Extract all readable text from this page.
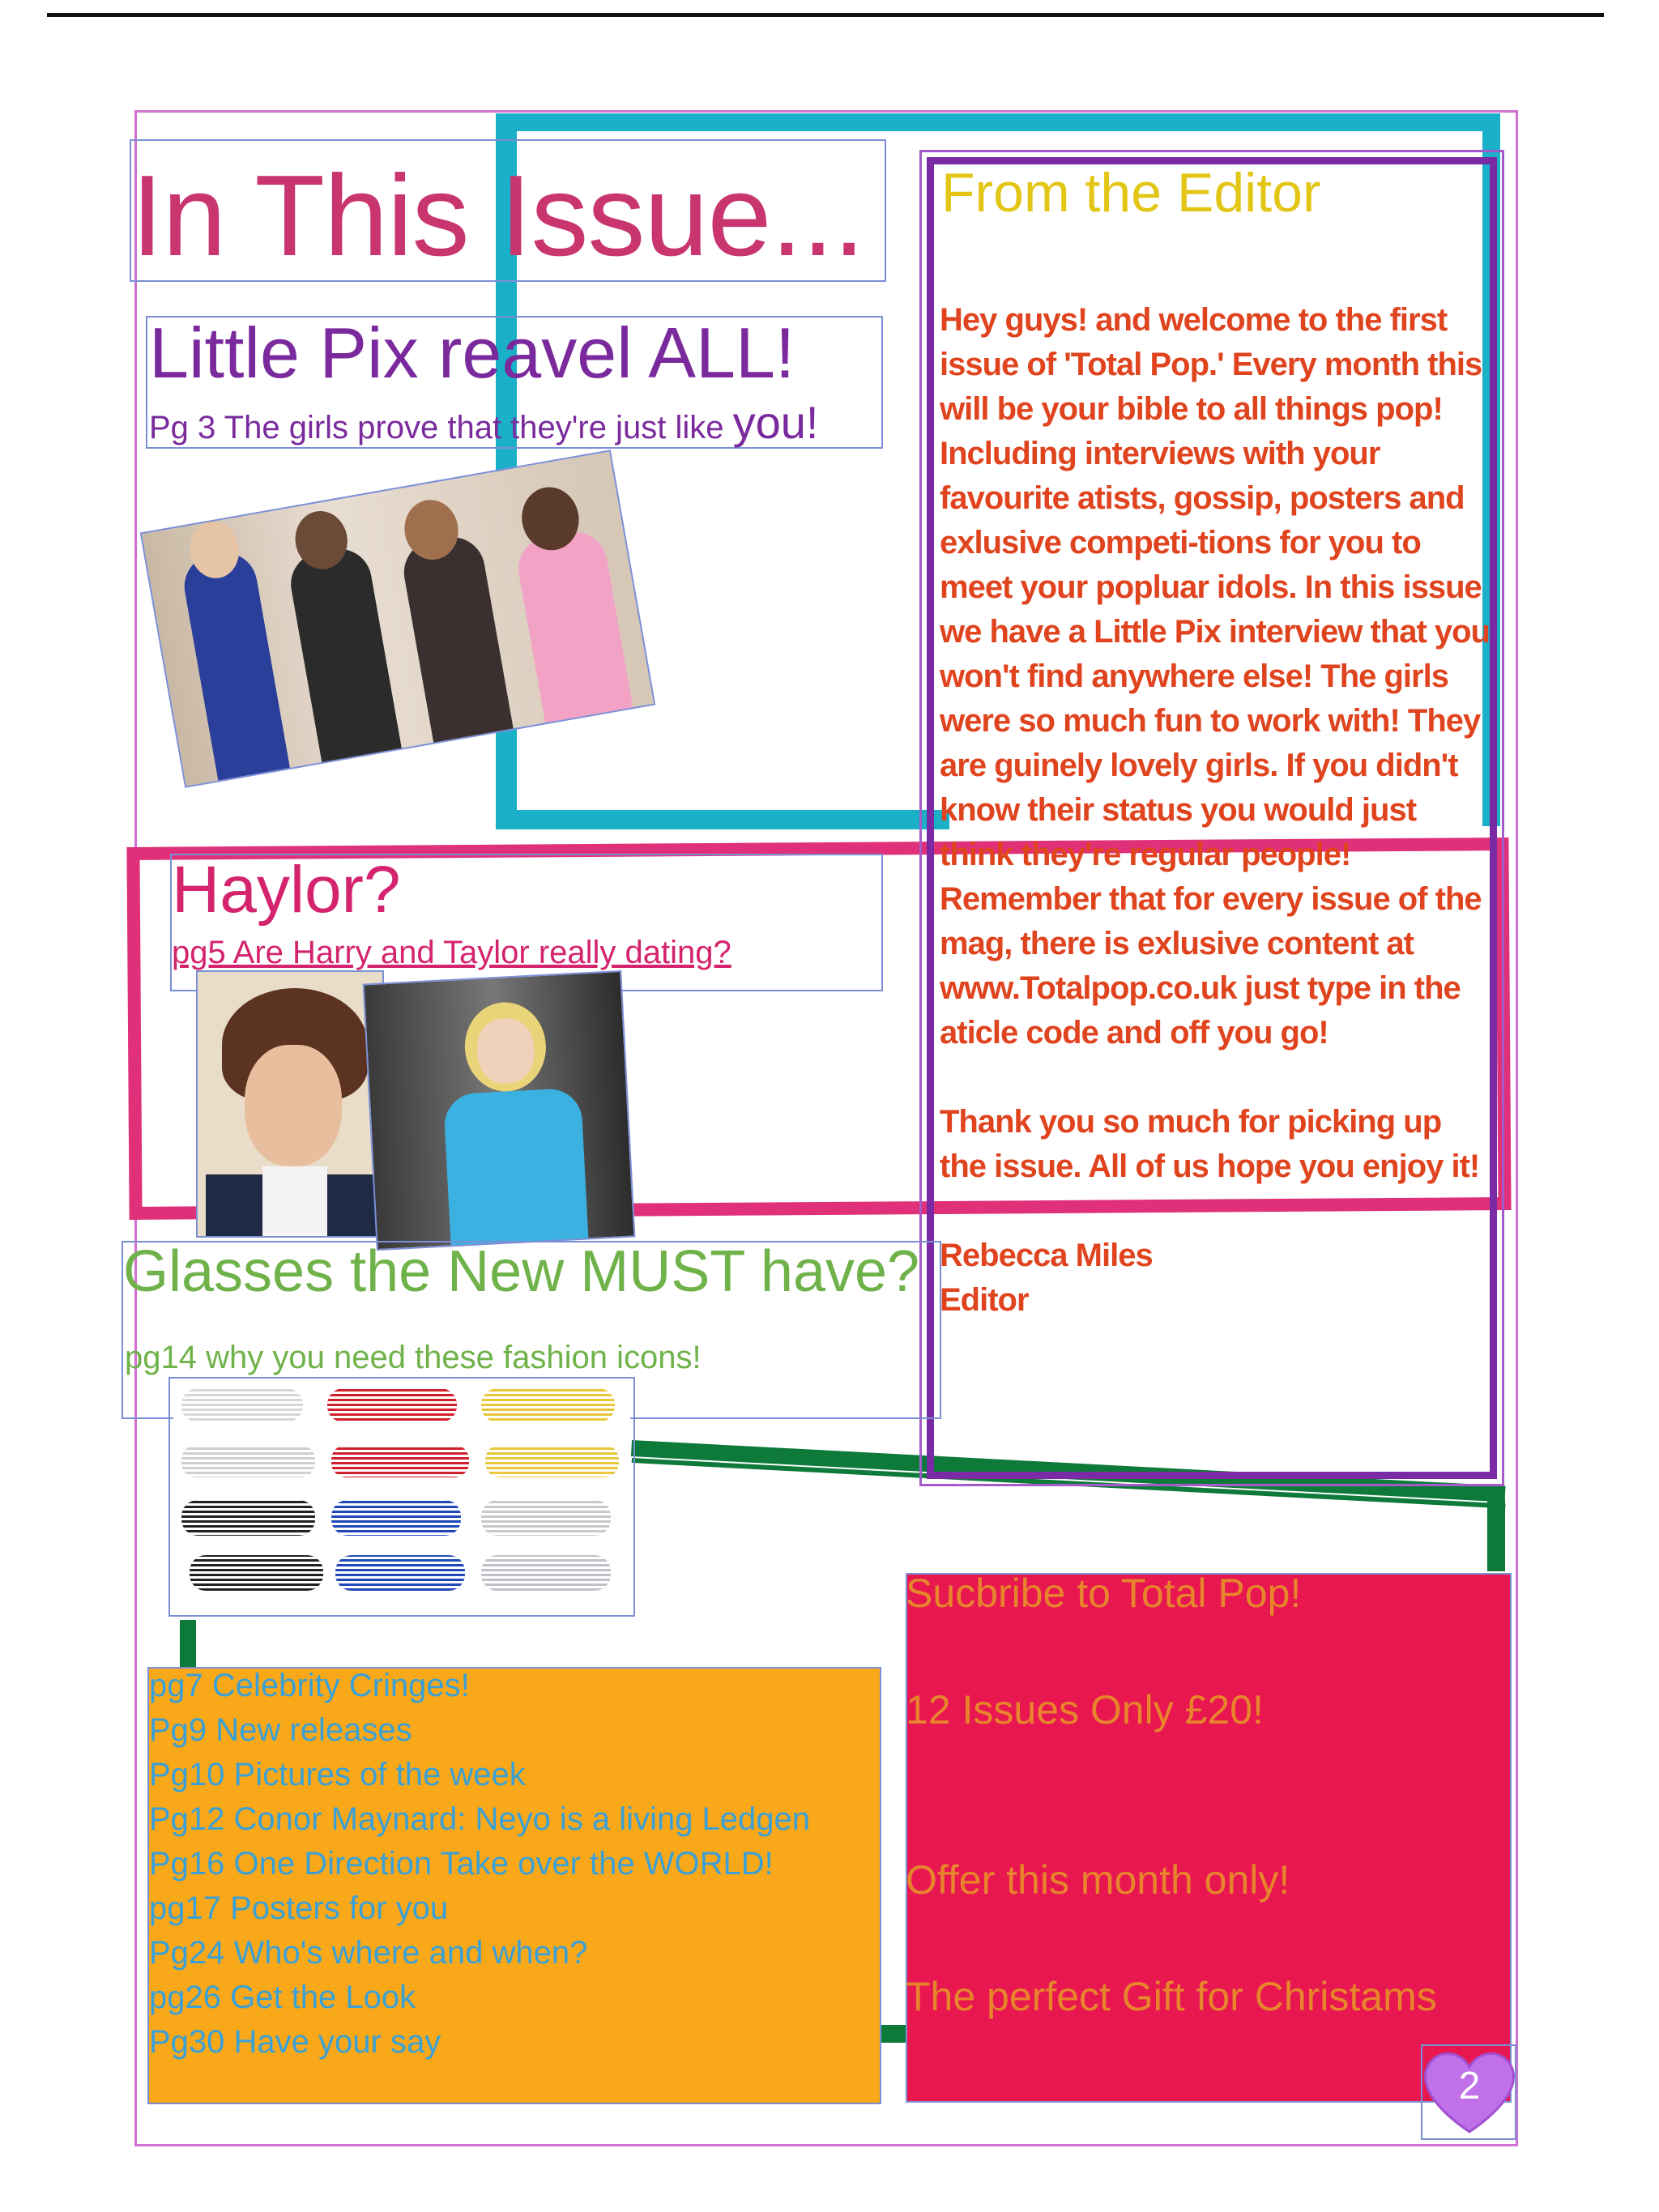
In This Issue...
Little Pix reavel ALL!
Pg 3 The girls prove that they're just like you!
From the Editor

Hey guys! and welcome to the first issue of 'Total Pop.' Every month this will be your bible to all things pop! Including interviews with your favourite atists, gossip, posters and exlusive competi-tions for you to meet your popluar idols. In this issue we have a Little Pix interview that you won't find anywhere else! The girls were so much fun to work with! They are guinely lovely girls. If you didn't know their status you would just think they're regular people! Remember that for every issue of the mag, there is exlusive content at www.Totalpop.co.uk just type in the aticle code and off you go!

Thank you so much for picking up the issue. All of us hope you enjoy it!

Rebecca Miles

Editor

Haylor?
pg5 Are Harry and Taylor really dating?
Glasses the New MUST have?
pg14 why you need these fashion icons!
pg7 Celebrity Cringes!
Pg9 New releases
Pg10 Pictures of the week
Pg12 Conor Maynard: Neyo is a living Ledgen
Pg16 One Direction Take over the WORLD!
pg17 Posters for you
Pg24 Who's where and when?
pg26 Get the Look
Pg30 Have your say
Sucbribe to Total Pop!
12 Issues Only £20!
Offer this month only!
The perfect Gift for Christams
2
